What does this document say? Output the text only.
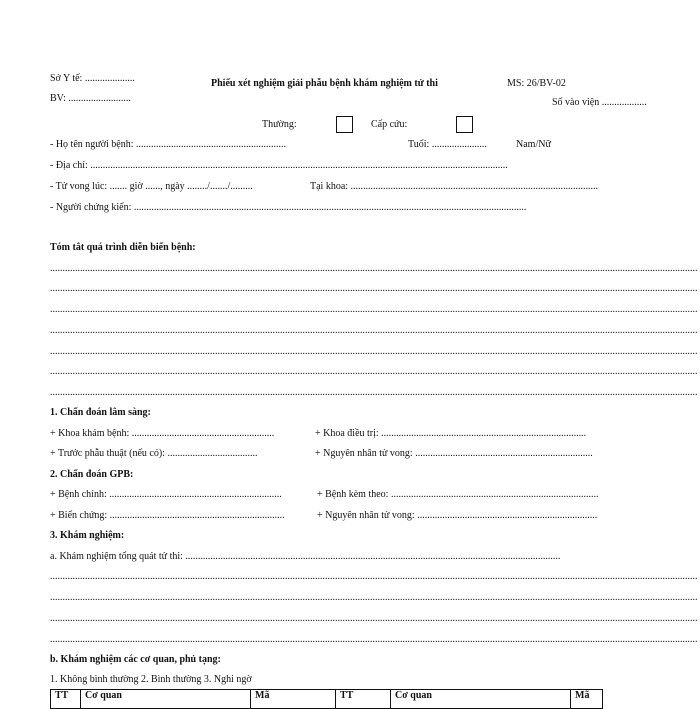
Sở Y tế: ....................
BV: .........................
Phiếu xét nghiệm giải phẫu bệnh khám nghiệm tử thi	MS: 26/BV-02
Số vào viện ..................
Thường:	Cấp cứu:
- Họ tên người bệnh: ............................................................	Tuổi: ......................	Nam/Nữ
- Địa chỉ: .......................................................................................................................................................................
- Tử vong lúc: ....... giờ ......, ngày ......../......./.........	Tại khoa: ...................................................................................................
- Người chứng kiến: .............................................................................................................................................................
Tóm tắt quá trình diễn biến bệnh:
...................................................................................................................................................................................................................................................................
...................................................................................................................................................................................................................................................................
...................................................................................................................................................................................................................................................................
...................................................................................................................................................................................................................................................................
...................................................................................................................................................................................................................................................................
...................................................................................................................................................................................................................................................................
...................................................................................................................................................................................................................................................................
1. Chẩn đoán lâm sàng:
+ Khoa khám bệnh: .........................................................	+ Khoa điều trị: ..................................................................................
+ Trước phẫu thuật (nếu có): ....................................	+ Nguyên nhân tử vong: .......................................................................
2. Chẩn đoán GPB:
+ Bệnh chính: .....................................................................	+ Bệnh kèm theo: ...................................................................................
+ Biến chứng: ......................................................................	+ Nguyên nhân tử vong: ........................................................................
3. Khám nghiệm:
a. Khám nghiệm tổng quát tử thi: ......................................................................................................................................................
...................................................................................................................................................................................................................................................................
...................................................................................................................................................................................................................................................................
...................................................................................................................................................................................................................................................................
...................................................................................................................................................................................................................................................................
b. Khám nghiệm các cơ quan, phủ tạng:
1. Không bình thường 2. Bình thường 3. Nghi ngờ
TT	Cơ quan	Mã	TT	Cơ quan	Mã
